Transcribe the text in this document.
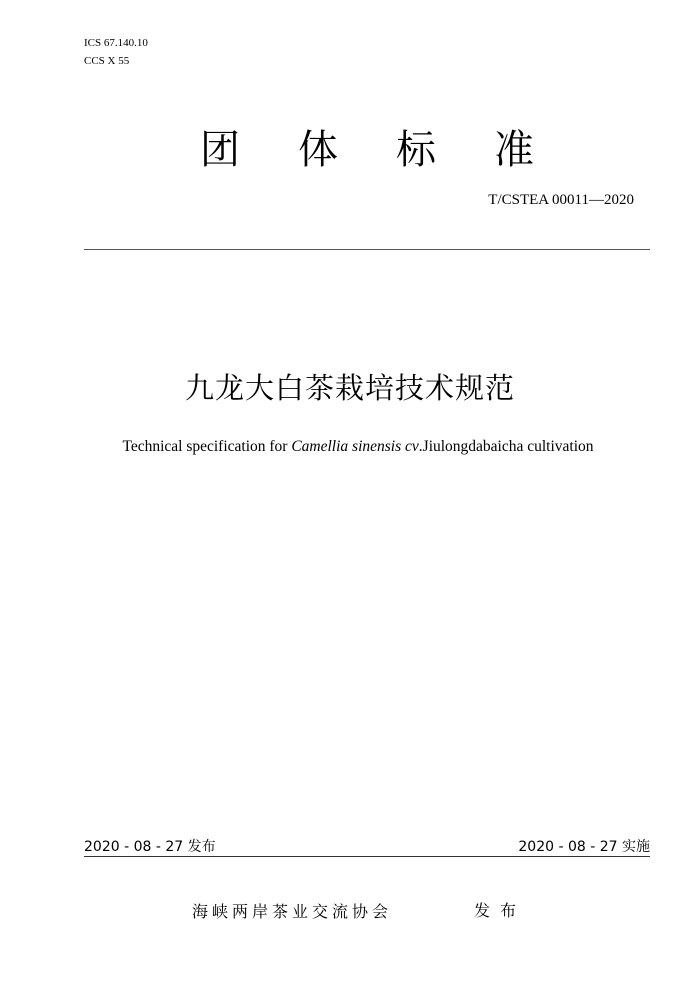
ICS 67.140.10
CCS X 55
团体标准
T/CSTEA 00011—2020
九龙大白茶栽培技术规范
Technical specification for Camellia sinensis cv.Jiulongdabaicha cultivation
2020 - 08 - 27 发布	2020 - 08 - 27 实施
海峡两岸茶业交流协会	发布
